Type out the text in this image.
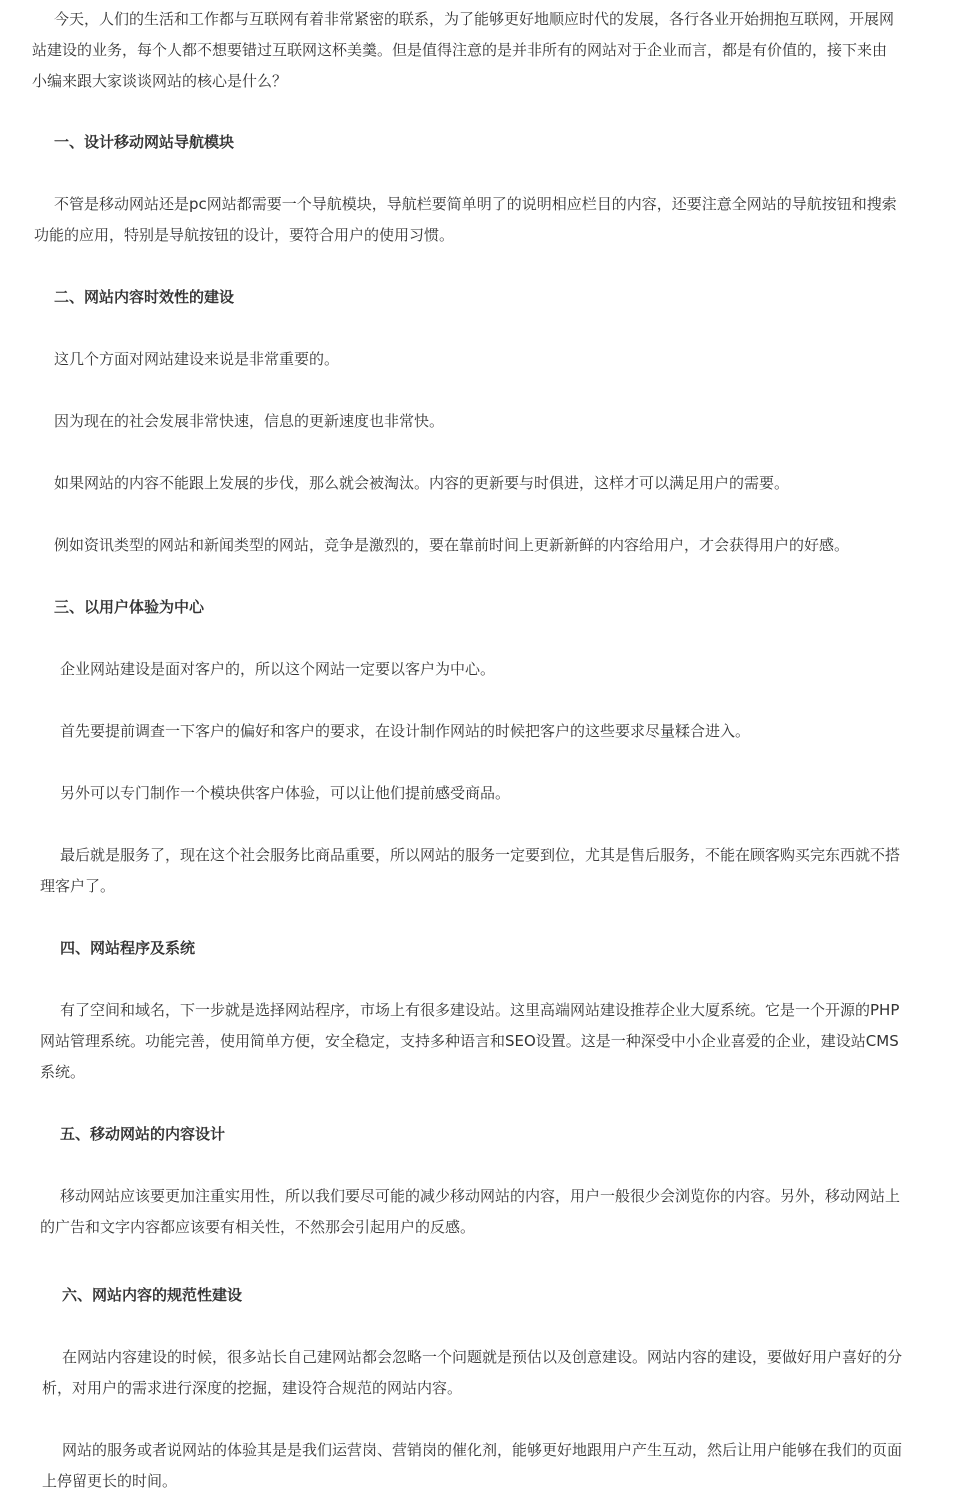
今天，人们的生活和工作都与互联网有着非常紧密的联系，为了能够更好地顺应时代的发展，各行各业开始拥抱互联网，开展网
站建设的业务，每个人都不想要错过互联网这杯美羹。但是值得注意的是并非所有的网站对于企业而言，都是有价值的，接下来由
小编来跟大家谈谈网站的核心是什么？
一、设计移动网站导航模块
不管是移动网站还是pc网站都需要一个导航模块，导航栏要简单明了的说明相应栏目的内容，还要注意全网站的导航按钮和搜索
功能的应用，特别是导航按钮的设计，要符合用户的使用习惯。
二、网站内容时效性的建设
这几个方面对网站建设来说是非常重要的。
因为现在的社会发展非常快速，信息的更新速度也非常快。
如果网站的内容不能跟上发展的步伐，那么就会被淘汰。内容的更新要与时俱进，这样才可以满足用户的需要。
例如资讯类型的网站和新闻类型的网站，竞争是激烈的，要在靠前时间上更新新鲜的内容给用户，才会获得用户的好感。
三、以用户体验为中心
企业网站建设是面对客户的，所以这个网站一定要以客户为中心。
首先要提前调查一下客户的偏好和客户的要求，在设计制作网站的时候把客户的这些要求尽量糅合进入。
另外可以专门制作一个模块供客户体验，可以让他们提前感受商品。
最后就是服务了，现在这个社会服务比商品重要，所以网站的服务一定要到位，尤其是售后服务，不能在顾客购买完东西就不搭
理客户了。
四、网站程序及系统
有了空间和域名，下一步就是选择网站程序，市场上有很多建设站。这里高端网站建设推荐企业大厦系统。它是一个开源的PHP
网站管理系统。功能完善，使用简单方便，安全稳定，支持多种语言和SEO设置。这是一种深受中小企业喜爱的企业，建设站CMS
系统。
五、移动网站的内容设计
移动网站应该要更加注重实用性，所以我们要尽可能的减少移动网站的内容，用户一般很少会浏览你的内容。另外，移动网站上
的广告和文字内容都应该要有相关性，不然那会引起用户的反感。
六、网站内容的规范性建设
在网站内容建设的时候，很多站长自己建网站都会忽略一个问题就是预估以及创意建设。网站内容的建设，要做好用户喜好的分
析，对用户的需求进行深度的挖掘，建设符合规范的网站内容。
网站的服务或者说网站的体验其是是我们运营岗、营销岗的催化剂，能够更好地跟用户产生互动，然后让用户能够在我们的页面
上停留更长的时间。
